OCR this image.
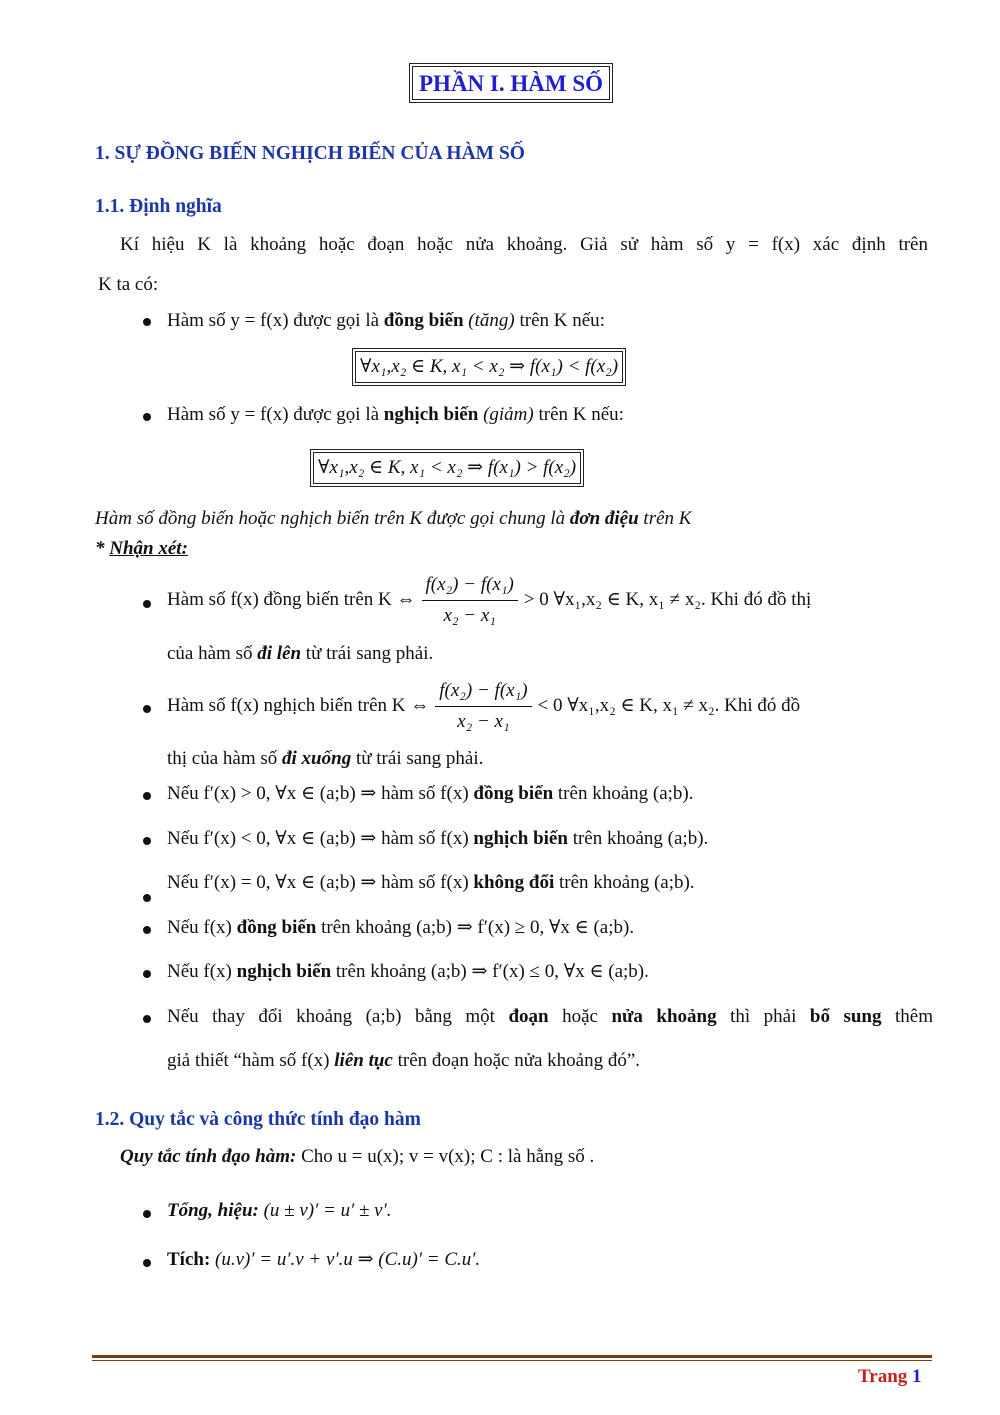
PHẦN I. HÀM SỐ
1. SỰ ĐỒNG BIẾN NGHỊCH BIẾN CỦA HÀM SỐ
1.1. Định nghĩa
Kí hiệu K là khoảng hoặc đoạn hoặc nửa khoảng. Giả sử hàm số y = f(x) xác định trên
K ta có:
Hàm số y = f(x) được gọi là đồng biến (tăng) trên K nếu:
∀x₁,x₂ ∈ K, x₁ < x₂ ⇒ f(x₁) < f(x₂)
Hàm số y = f(x) được gọi là nghịch biến (giảm) trên K nếu:
∀x₁,x₂ ∈ K, x₁ < x₂ ⇒ f(x₁) > f(x₂)
Hàm số đồng biến hoặc nghịch biến trên K được gọi chung là đơn điệu trên K
* Nhận xét:
Hàm số f(x) đồng biến trên K ⇔ $\frac{\text{f(x₂) − f(x₁)}}{\text{x₂ − x₁}} > 0$ ∀x₁,x₂ ∈ K, x₁ ≠ x₂. Khi đó đồ thị
của hàm số đi lên từ trái sang phải.
Hàm số f(x) nghịch biến trên K ⇔ $\frac{\text{f(x₂) − f(x₁)}}{\text{x₂ − x₁}} < 0$ ∀x₁,x₂ ∈ K, x₁ ≠ x₂. Khi đó đồ
thị của hàm số đi xuống từ trái sang phải.
Nếu f′(x) > 0, ∀x ∈ (a;b) ⇒ hàm số f(x) đồng biến trên khoảng (a;b).
Nếu f′(x) < 0, ∀x ∈ (a;b) ⇒ hàm số f(x) nghịch biến trên khoảng (a;b).
Nếu f′(x) = 0, ∀x ∈ (a;b) ⇒ hàm số f(x) không đổi trên khoảng (a;b).
Nếu f(x) đồng biến trên khoảng (a;b) ⇒ f′(x) ≥ 0, ∀x ∈ (a;b).
Nếu f(x) nghịch biến trên khoảng (a;b) ⇒ f′(x) ≤ 0, ∀x ∈ (a;b).
Nếu thay đổi khoảng (a;b) bằng một đoạn hoặc nửa khoảng thì phải bổ sung thêm
giả thiết “hàm số f(x) liên tục trên đoạn hoặc nửa khoảng đó”.
1.2. Quy tắc và công thức tính đạo hàm
Quy tắc tính đạo hàm: Cho u = u(x); v = v(x); C : là hằng số .
Tổng, hiệu: (u ± v)′ = u′ ± v′.
Tích: (u.v)′ = u′.v + v′.u ⇒ (C.u)′ = C.u′.
Trang 1
